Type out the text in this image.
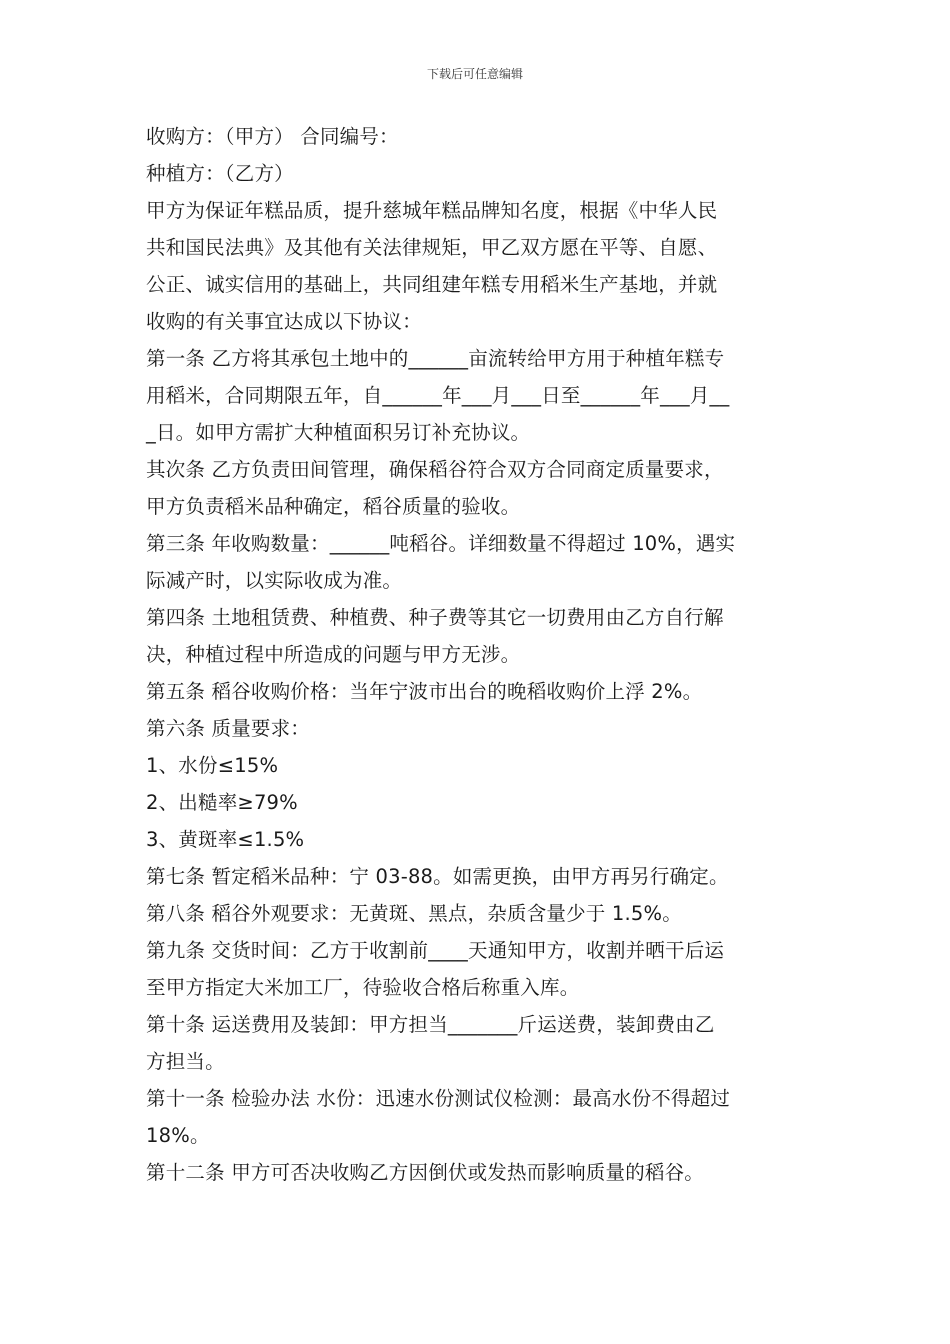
下载后可任意编辑
收购方：（甲方） 合同编号：
种植方：（乙方）
甲方为保证年糕品质，提升慈城年糕品牌知名度，根据《中华人民
共和国民法典》及其他有关法律规矩，甲乙双方愿在平等、自愿、
公正、诚实信用的基础上，共同组建年糕专用稻米生产基地，并就
收购的有关事宜达成以下协议：
第一条 乙方将其承包土地中的______亩流转给甲方用于种植年糕专
用稻米，合同期限五年，自______年___月___日至______年___月__
_日。如甲方需扩大种植面积另订补充协议。
其次条 乙方负责田间管理，确保稻谷符合双方合同商定质量要求，
甲方负责稻米品种确定，稻谷质量的验收。
第三条 年收购数量：______吨稻谷。详细数量不得超过 10%，遇实
际减产时，以实际收成为准。
第四条 土地租赁费、种植费、种子费等其它一切费用由乙方自行解
决，种植过程中所造成的问题与甲方无涉。
第五条 稻谷收购价格：当年宁波市出台的晚稻收购价上浮 2%。
第六条 质量要求：
1、水份≤15%
2、出糙率≥79%
3、黄斑率≤1.5%
第七条 暂定稻米品种：宁 03-88。如需更换，由甲方再另行确定。
第八条 稻谷外观要求：无黄斑、黑点，杂质含量少于 1.5%。
第九条 交货时间：乙方于收割前____天通知甲方，收割并晒干后运
至甲方指定大米加工厂，待验收合格后称重入库。
第十条 运送费用及装卸：甲方担当_______斤运送费，装卸费由乙
方担当。
第十一条 检验办法 水份：迅速水份测试仪检测：最高水份不得超过
18%。
第十二条 甲方可否决收购乙方因倒伏或发热而影响质量的稻谷。
